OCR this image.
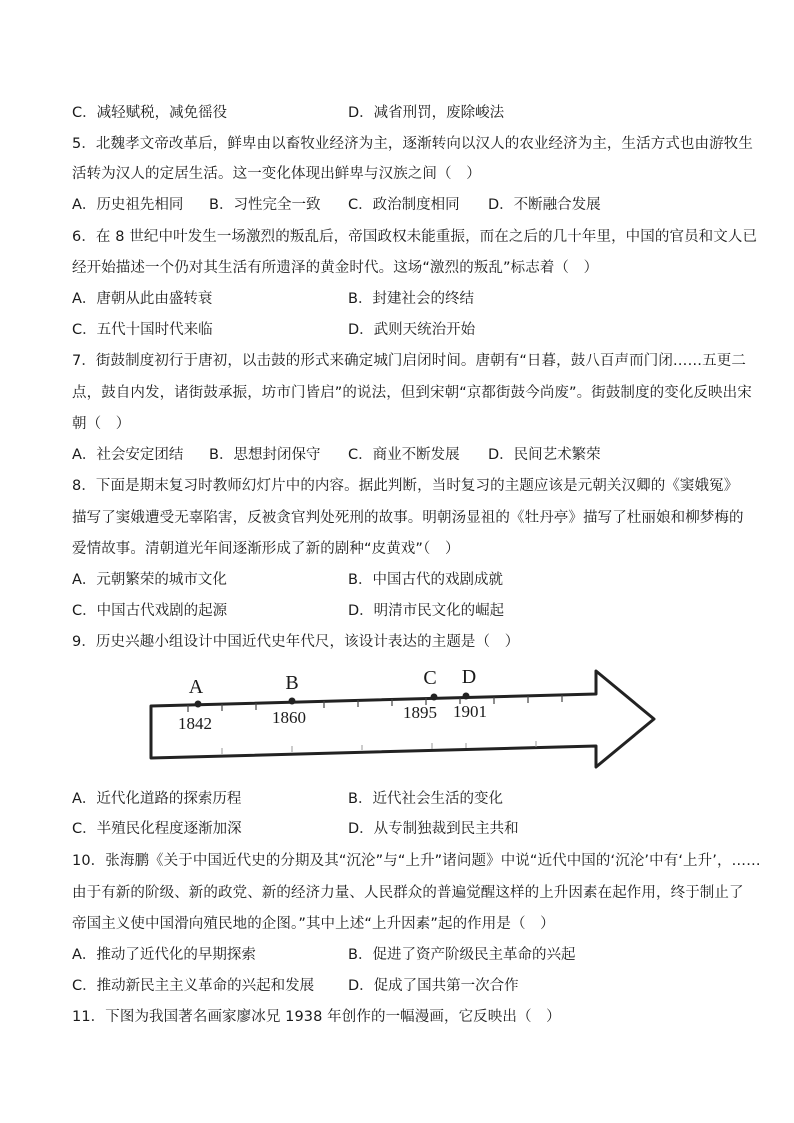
C．减轻赋税，减免徭役	D．减省刑罚，废除峻法
5．北魏孝文帝改革后，鲜卑由以畜牧业经济为主，逐渐转向以汉人的农业经济为主，生活方式也由游牧生
活转为汉人的定居生活。这一变化体现出鲜卑与汉族之间（　）
A．历史祖先相同 B．习性完全一致 C．政治制度相同 D．不断融合发展
6．在 8 世纪中叶发生一场激烈的叛乱后，帝国政权未能重振，而在之后的几十年里，中国的官员和文人已
经开始描述一个仍对其生活有所遗泽的黄金时代。这场“激烈的叛乱”标志着（　）
A．唐朝从此由盛转衰	B．封建社会的终结
C．五代十国时代来临	D．武则天统治开始
7．街鼓制度初行于唐初，以击鼓的形式来确定城门启闭时间。唐朝有“日暮，鼓八百声而门闭……五更二
点，鼓自内发，诸街鼓承振，坊市门皆启”的说法，但到宋朝“京都街鼓今尚废”。街鼓制度的变化反映出宋
朝（　）
A．社会安定团结 B．思想封闭保守 C．商业不断发展 D．民间艺术繁荣
8．下面是期末复习时教师幻灯片中的内容。据此判断，当时复习的主题应该是元朝关汉卿的《窦娥冤》
描写了窦娥遭受无辜陷害，反被贪官判处死刑的故事。明朝汤显祖的《牡丹亭》描写了杜丽娘和柳梦梅的
爱情故事。清朝道光年间逐渐形成了新的剧种“皮黄戏”（　）
A．元朝繁荣的城市文化	B．中国古代的戏剧成就
C．中国古代戏剧的起源	D．明清市民文化的崛起
9．历史兴趣小组设计中国近代史年代尺，该设计表达的主题是（　）
A	B	C D
1842	1860	1895 1901
A．近代化道路的探索历程	B．近代社会生活的变化
C．半殖民化程度逐渐加深	D．从专制独裁到民主共和
10．张海鹏《关于中国近代史的分期及其“沉沦”与“上升”诸问题》中说“近代中国的‘沉沦’中有‘上升’，……
由于有新的阶级、新的政党、新的经济力量、人民群众的普遍觉醒这样的上升因素在起作用，终于制止了
帝国主义使中国滑向殖民地的企图。”其中上述“上升因素”起的作用是（　）
A．推动了近代化的早期探索	B．促进了资产阶级民主革命的兴起
C．推动新民主主义革命的兴起和发展 D．促成了国共第一次合作
11．下图为我国著名画家廖冰兄 1938 年创作的一幅漫画，它反映出（　）
